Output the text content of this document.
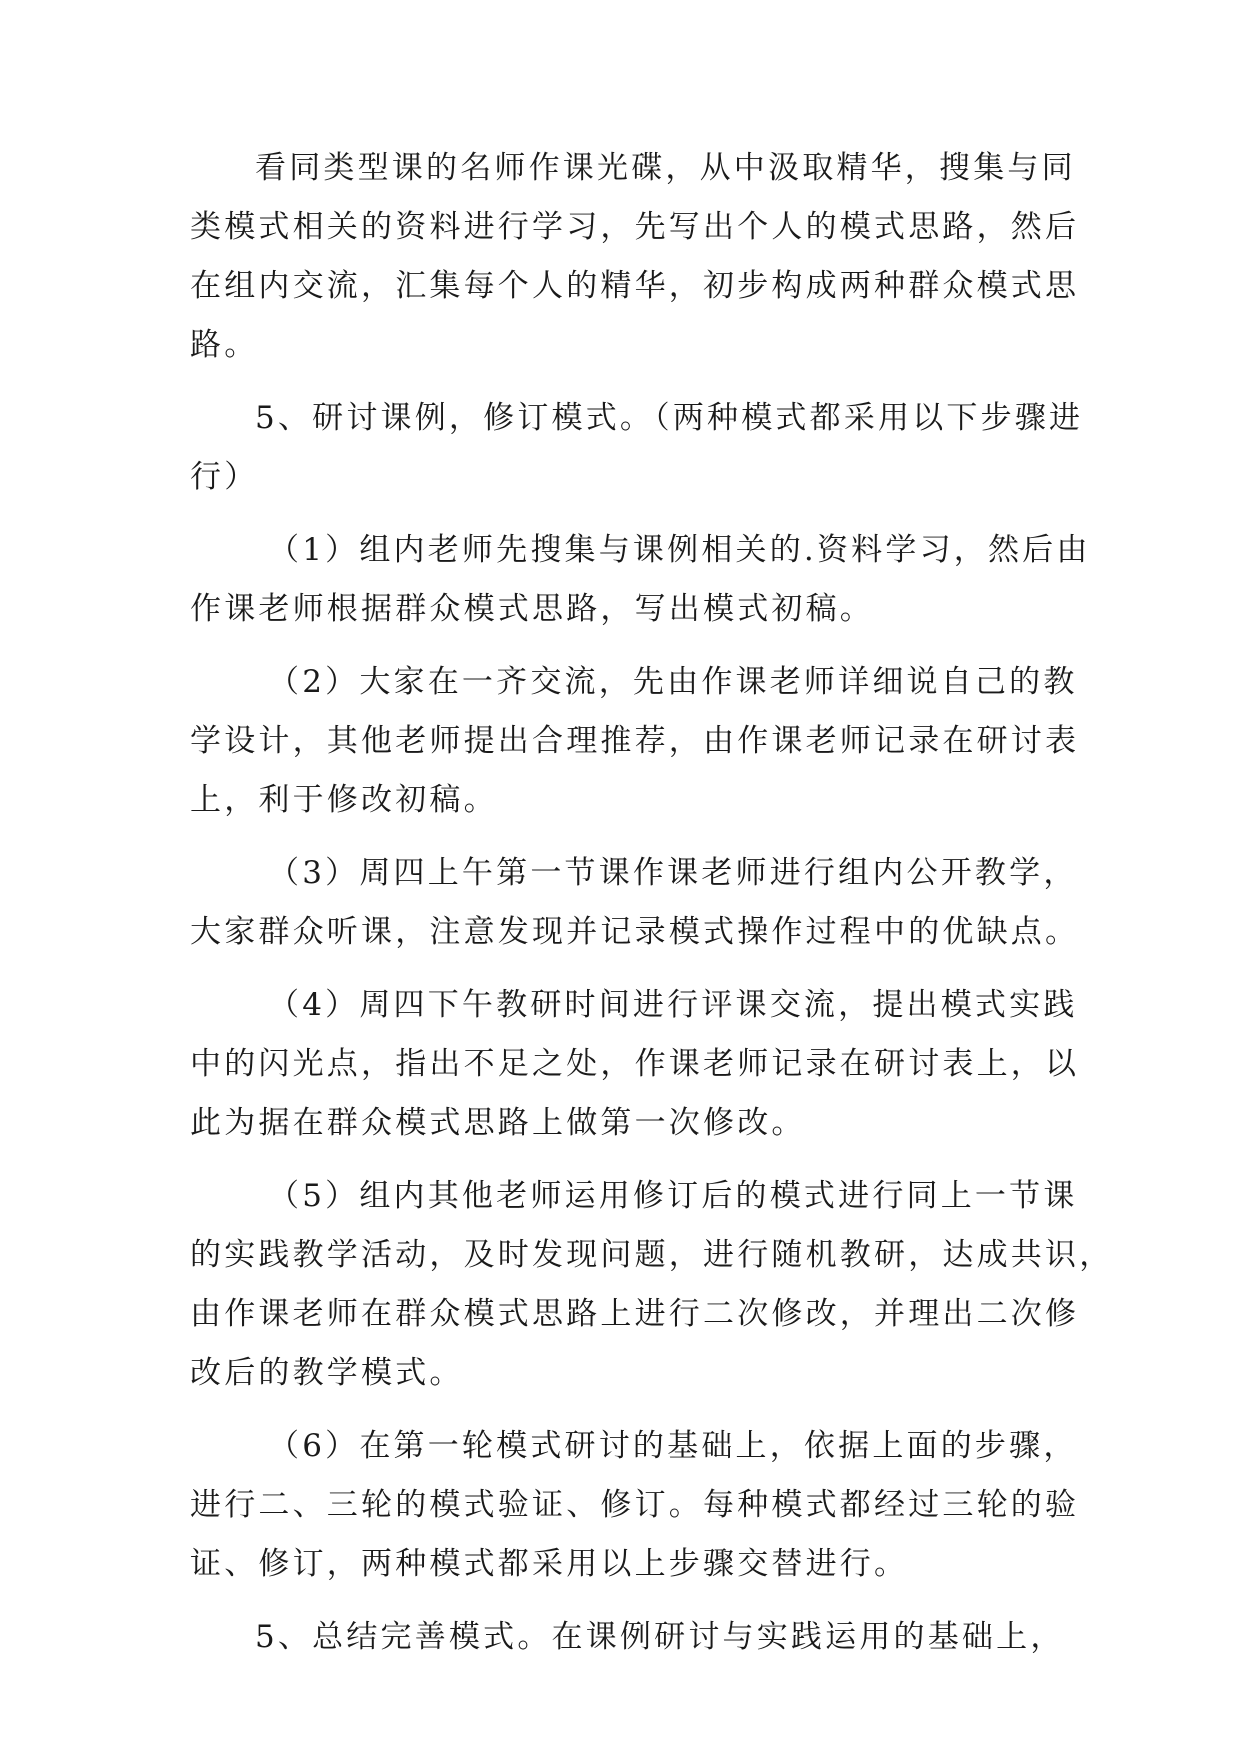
看同类型课的名师作课光碟，从中汲取精华，搜集与同
类模式相关的资料进行学习，先写出个人的模式思路，然后
在组内交流，汇集每个人的精华，初步构成两种群众模式思
路。
5、研讨课例，修订模式。（两种模式都采用以下步骤进
行）
（1）组内老师先搜集与课例相关的.资料学习，然后由
作课老师根据群众模式思路，写出模式初稿。
（2）大家在一齐交流，先由作课老师详细说自己的教
学设计，其他老师提出合理推荐，由作课老师记录在研讨表
上，利于修改初稿。
（3）周四上午第一节课作课老师进行组内公开教学，
大家群众听课，注意发现并记录模式操作过程中的优缺点。
（4）周四下午教研时间进行评课交流，提出模式实践
中的闪光点，指出不足之处，作课老师记录在研讨表上，以
此为据在群众模式思路上做第一次修改。
（5）组内其他老师运用修订后的模式进行同上一节课
的实践教学活动，及时发现问题，进行随机教研，达成共识，
由作课老师在群众模式思路上进行二次修改，并理出二次修
改后的教学模式。
（6）在第一轮模式研讨的基础上，依据上面的步骤，
进行二、三轮的模式验证、修订。每种模式都经过三轮的验
证、修订，两种模式都采用以上步骤交替进行。
5、总结完善模式。在课例研讨与实践运用的基础上，
